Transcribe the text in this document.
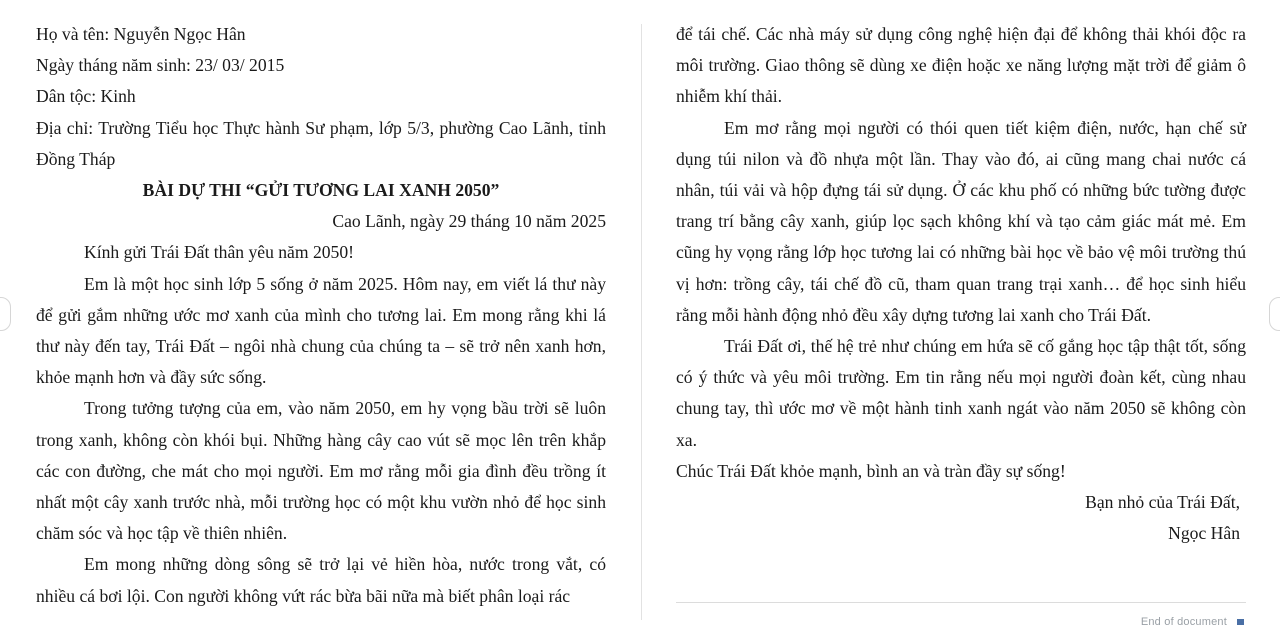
Họ và tên: Nguyễn Ngọc Hân

Ngày tháng năm sinh: 23/ 03/ 2015

Dân tộc: Kinh

Địa chỉ: Trường Tiểu học Thực hành Sư phạm, lớp 5/3, phường Cao Lãnh, tỉnh Đồng Tháp

BÀI DỰ THI “GỬI TƯƠNG LAI XANH 2050”

Cao Lãnh, ngày 29 tháng 10 năm 2025

Kính gửi Trái Đất thân yêu năm 2050!

Em là một học sinh lớp 5 sống ở năm 2025. Hôm nay, em viết lá thư này để gửi gắm những ước mơ xanh của mình cho tương lai. Em mong rằng khi lá thư này đến tay, Trái Đất – ngôi nhà chung của chúng ta – sẽ trở nên xanh hơn, khỏe mạnh hơn và đầy sức sống.

Trong tưởng tượng của em, vào năm 2050, em hy vọng bầu trời sẽ luôn trong xanh, không còn khói bụi. Những hàng cây cao vút sẽ mọc lên trên khắp các con đường, che mát cho mọi người. Em mơ rằng mỗi gia đình đều trồng ít nhất một cây xanh trước nhà, mỗi trường học có một khu vườn nhỏ để học sinh chăm sóc và học tập về thiên nhiên.

Em mong những dòng sông sẽ trở lại vẻ hiền hòa, nước trong vắt, có nhiều cá bơi lội. Con người không vứt rác bừa bãi nữa mà biết phân loại rác

để tái chế. Các nhà máy sử dụng công nghệ hiện đại để không thải khói độc ra môi trường. Giao thông sẽ dùng xe điện hoặc xe năng lượng mặt trời để giảm ô nhiễm khí thải.

Em mơ rằng mọi người có thói quen tiết kiệm điện, nước, hạn chế sử dụng túi nilon và đồ nhựa một lần. Thay vào đó, ai cũng mang chai nước cá nhân, túi vải và hộp đựng tái sử dụng. Ở các khu phố có những bức tường được trang trí bằng cây xanh, giúp lọc sạch không khí và tạo cảm giác mát mẻ. Em cũng hy vọng rằng lớp học tương lai có những bài học về bảo vệ môi trường thú vị hơn: trồng cây, tái chế đồ cũ, tham quan trang trại xanh… để học sinh hiểu rằng mỗi hành động nhỏ đều xây dựng tương lai xanh cho Trái Đất.

Trái Đất ơi, thế hệ trẻ như chúng em hứa sẽ cố gắng học tập thật tốt, sống có ý thức và yêu môi trường. Em tin rằng nếu mọi người đoàn kết, cùng nhau chung tay, thì ước mơ về một hành tinh xanh ngát vào năm 2050 sẽ không còn xa.

Chúc Trái Đất khỏe mạnh, bình an và tràn đầy sự sống!

Bạn nhỏ của Trái Đất,

Ngọc Hân

End of document
